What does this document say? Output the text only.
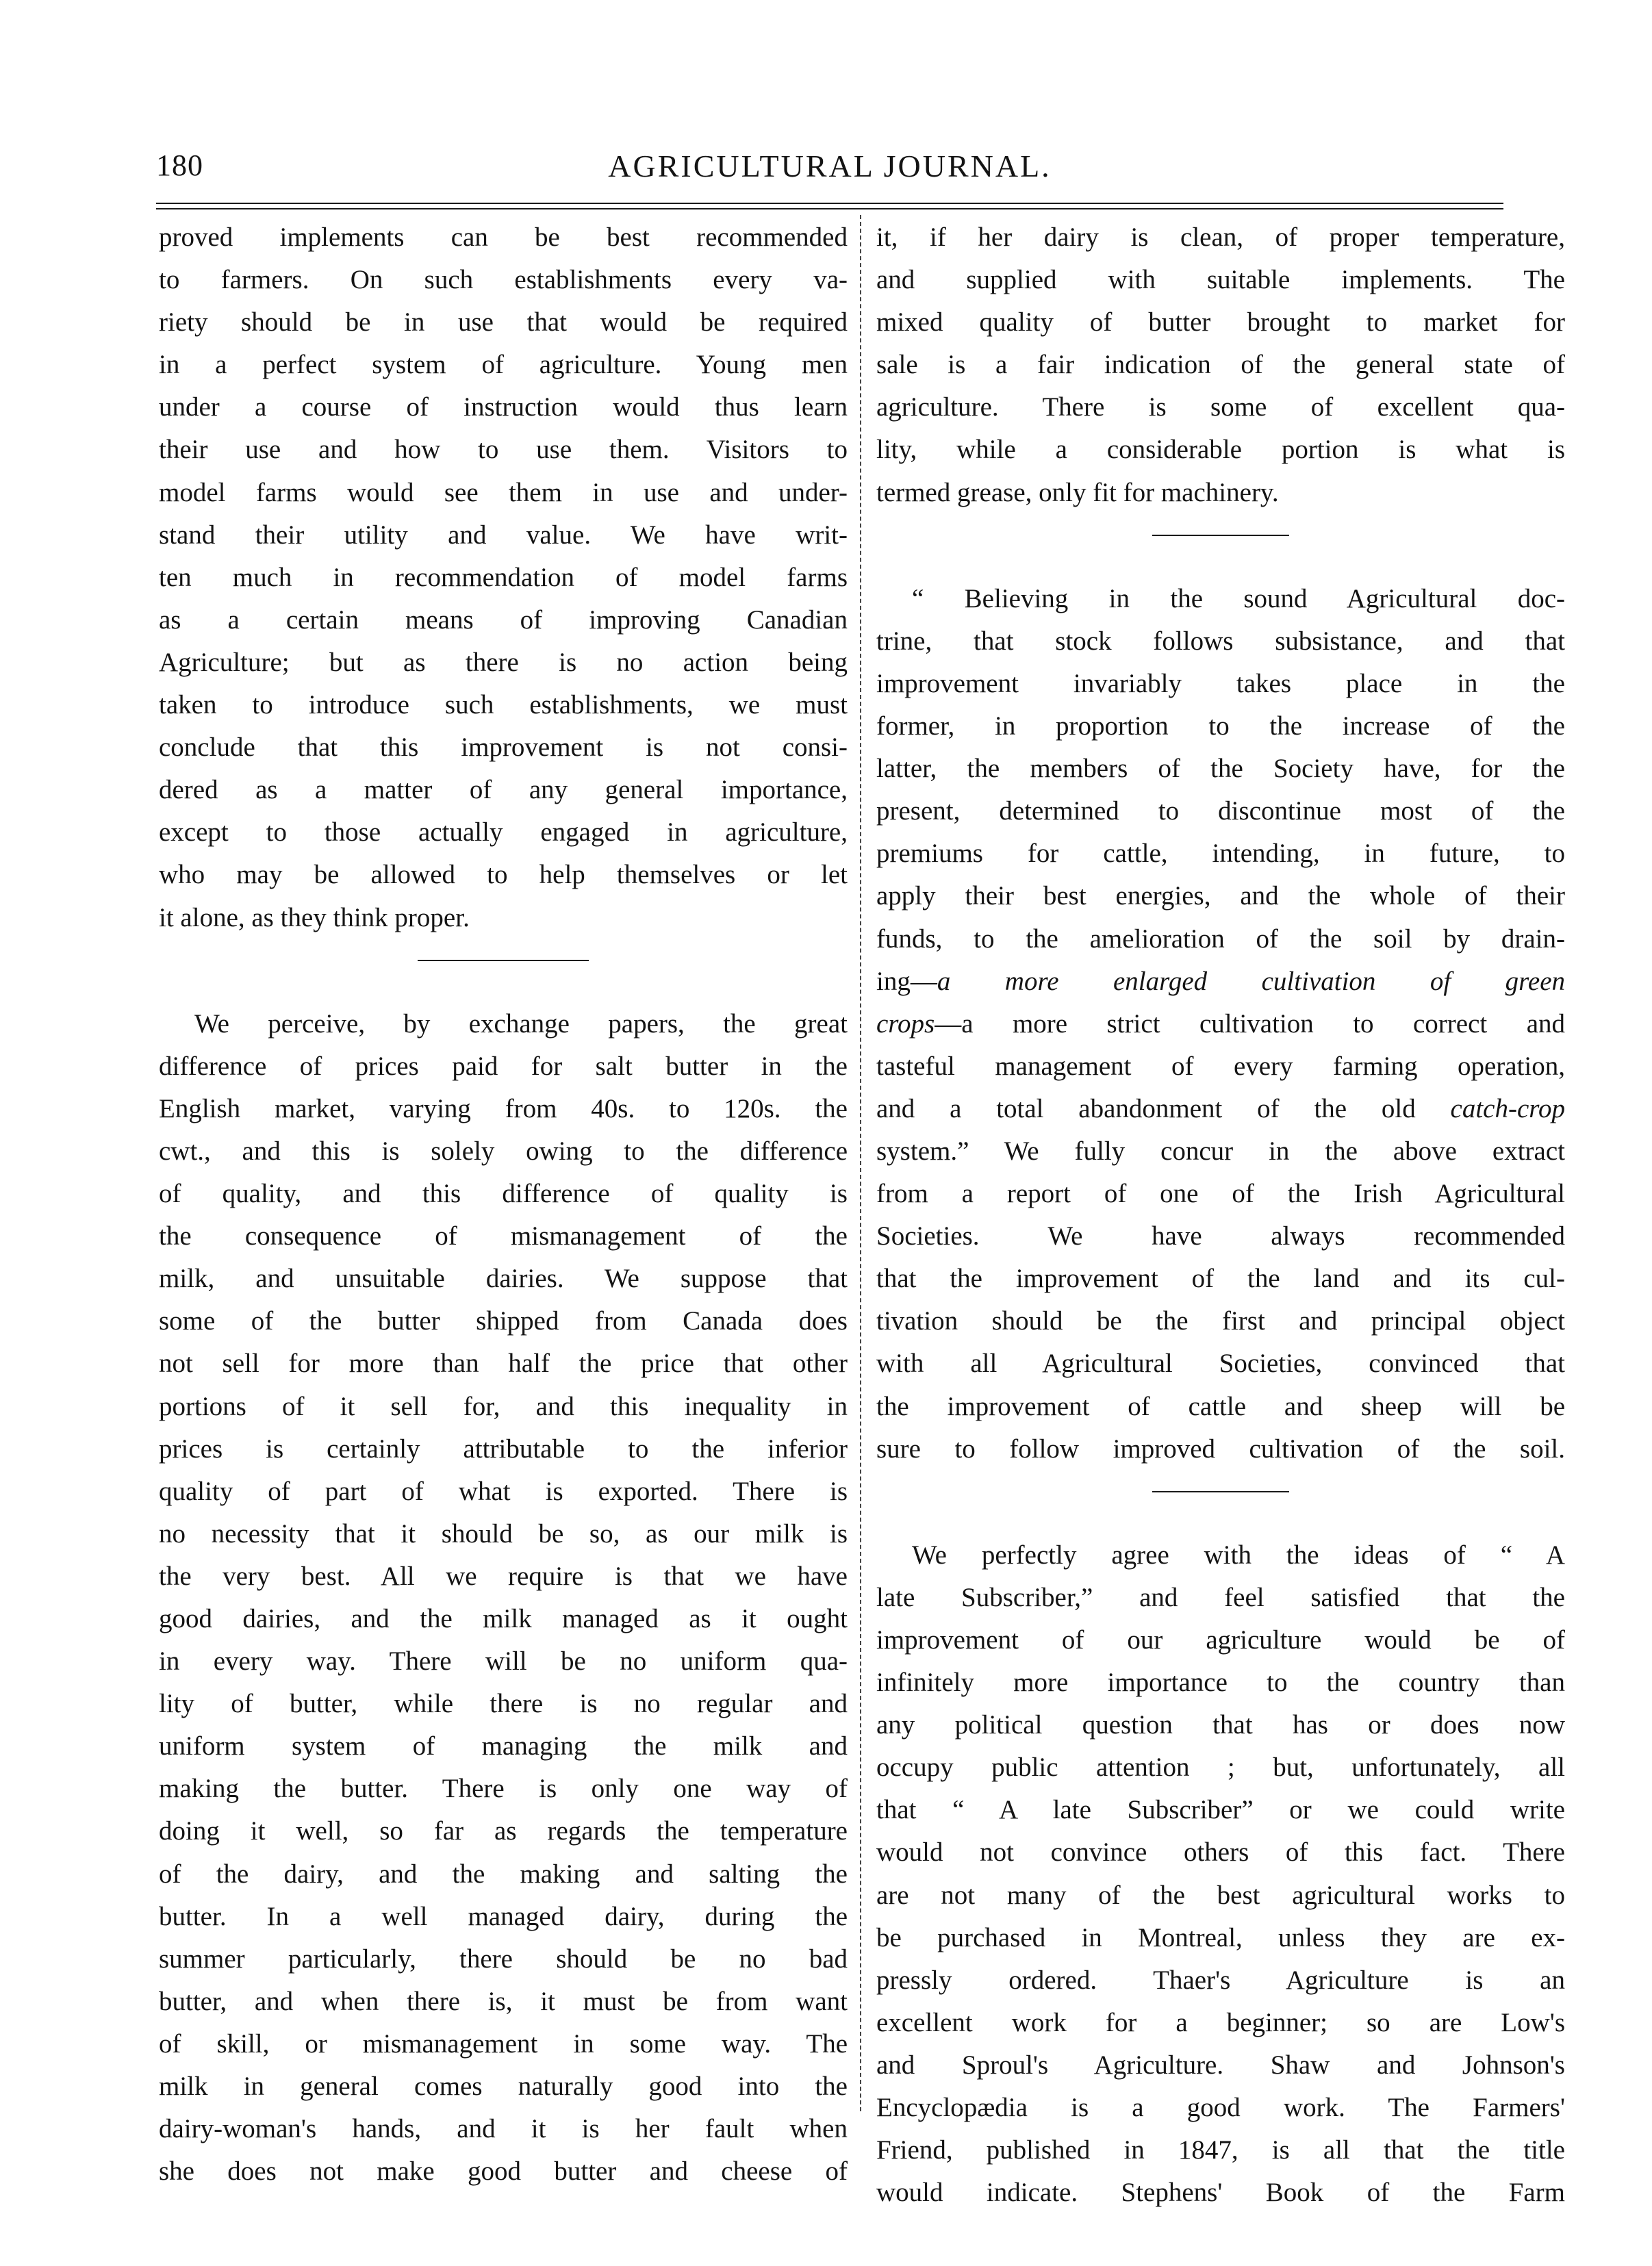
180	AGRICULTURAL JOURNAL.
proved implements can be best recommended
to farmers. On such establishments every va-
riety should be in use that would be required
in a perfect system of agriculture. Young men
under a course of instruction would thus learn
their use and how to use them. Visitors to
model farms would see them in use and under-
stand their utility and value. We have writ-
ten much in recommendation of model farms
as a certain means of improving Canadian
Agriculture; but as there is no action being
taken to introduce such establishments, we must
conclude that this improvement is not consi-
dered as a matter of any general importance,
except to those actually engaged in agriculture,
who may be allowed to help themselves or let
it alone, as they think proper.
We perceive, by exchange papers, the great
difference of prices paid for salt butter in the
English market, varying from 40s. to 120s. the
cwt., and this is solely owing to the difference
of quality, and this difference of quality is
the consequence of mismanagement of the
milk, and unsuitable dairies. We suppose that
some of the butter shipped from Canada does
not sell for more than half the price that other
portions of it sell for, and this inequality in
prices is certainly attributable to the inferior
quality of part of what is exported. There is
no necessity that it should be so, as our milk is
the very best. All we require is that we have
good dairies, and the milk managed as it ought
in every way. There will be no uniform qua-
lity of butter, while there is no regular and
uniform system of managing the milk and
making the butter. There is only one way of
doing it well, so far as regards the temperature
of the dairy, and the making and salting the
butter. In a well managed dairy, during the
summer particularly, there should be no bad
butter, and when there is, it must be from want
of skill, or mismanagement in some way. The
milk in general comes naturally good into the
dairy-woman's hands, and it is her fault when
she does not make good butter and cheese of
it, if her dairy is clean, of proper temperature,
and supplied with suitable implements. The
mixed quality of butter brought to market for
sale is a fair indication of the general state of
agriculture. There is some of excellent qua-
lity, while a considerable portion is what is
termed grease, only fit for machinery.
“ Believing in the sound Agricultural doc-
trine, that stock follows subsistance, and that
improvement invariably takes place in the
former, in proportion to the increase of the
latter, the members of the Society have, for the
present, determined to discontinue most of the
premiums for cattle, intending, in future, to
apply their best energies, and the whole of their
funds, to the amelioration of the soil by drain-
ing—a more enlarged cultivation of green
crops—a more strict cultivation to correct and
tasteful management of every farming operation,
and a total abandonment of the old catch-crop
system.” We fully concur in the above extract
from a report of one of the Irish Agricultural
Societies. We have always recommended
that the improvement of the land and its cul-
tivation should be the first and principal object
with all Agricultural Societies, convinced that
the improvement of cattle and sheep will be
sure to follow improved cultivation of the soil.
We perfectly agree with the ideas of “ A
late Subscriber,” and feel satisfied that the
improvement of our agriculture would be of
infinitely more importance to the country than
any political question that has or does now
occupy public attention ; but, unfortunately, all
that “ A late Subscriber” or we could write
would not convince others of this fact. There
are not many of the best agricultural works to
be purchased in Montreal, unless they are ex-
pressly ordered. Thaer's Agriculture is an
excellent work for a beginner; so are Low's
and Sproul's Agriculture. Shaw and Johnson's
Encyclopædia is a good work. The Farmers'
Friend, published in 1847, is all that the title
would indicate. Stephens' Book of the Farm
